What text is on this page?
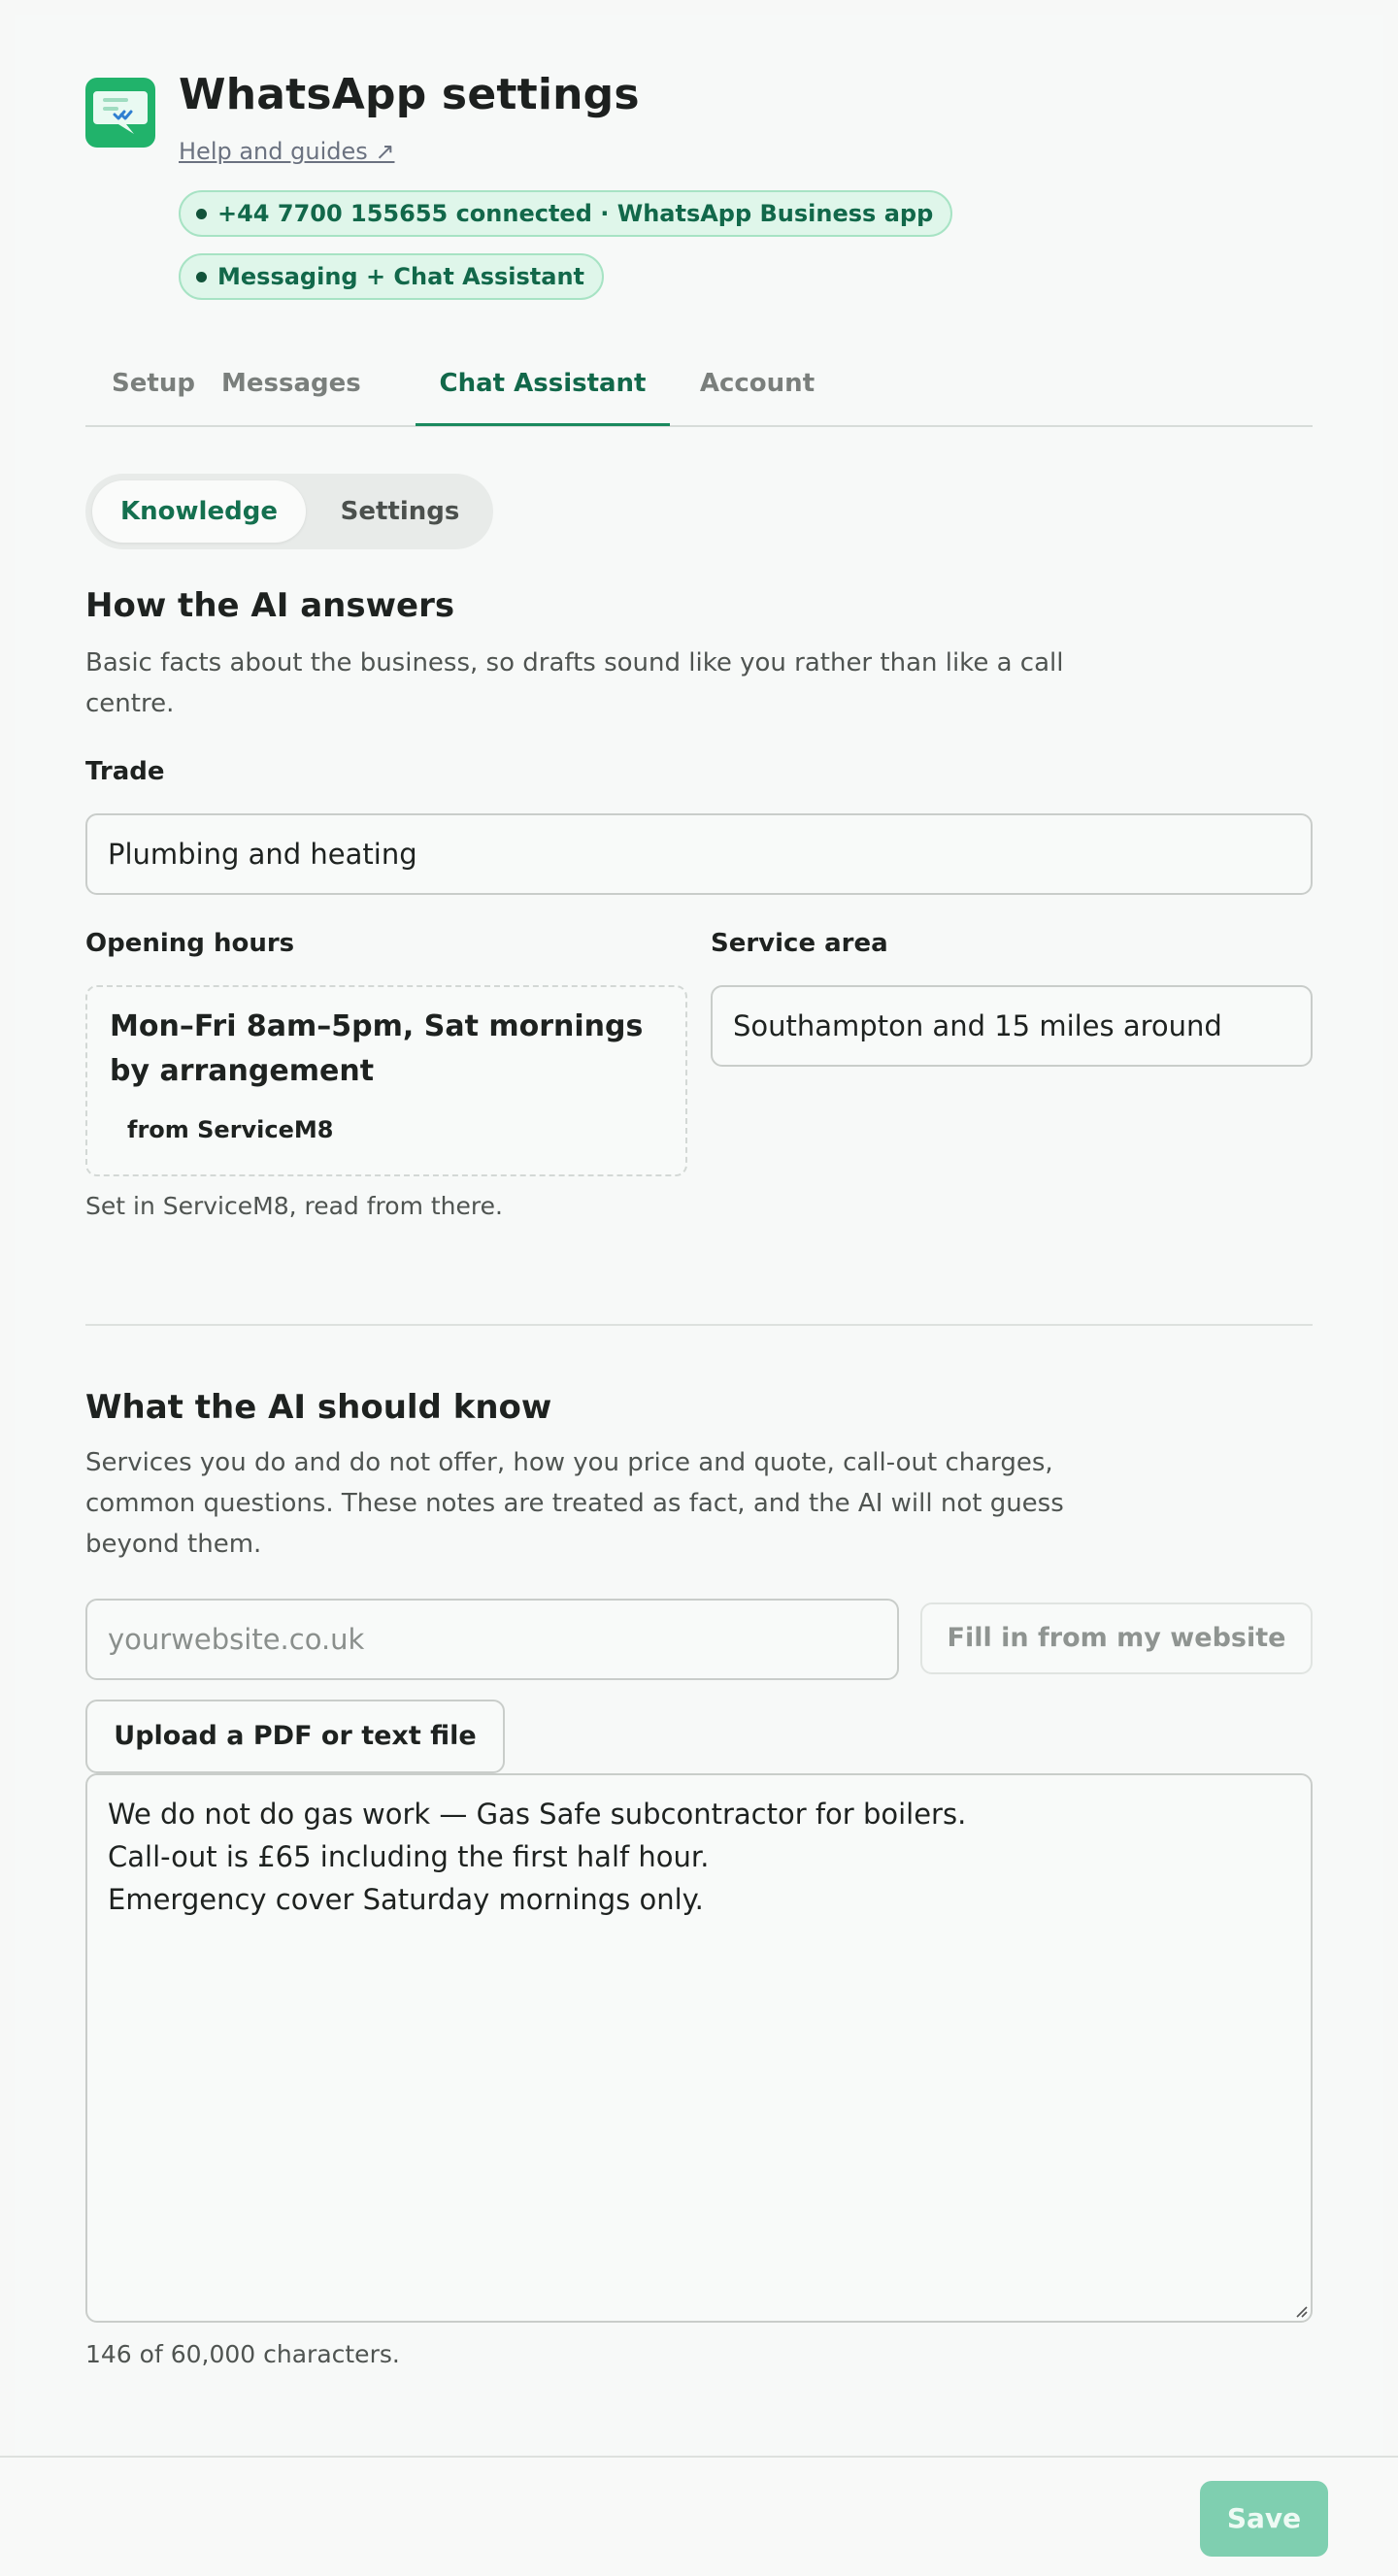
WhatsApp settings
Help and guides ↗
+44 7700 155655 connected · WhatsApp Business app
Messaging + Chat Assistant
Setup	Messages	Chat Assistant	Account
Knowledge	Settings
How the AI answers

Basic facts about the business, so drafts sound like you rather than like a call centre.

Trade
Plumbing and heating
Opening hours
Mon–Fri 8am–5pm, Sat mornings by arrangement
from ServiceM8
Set in ServiceM8, read from there.
Service area
Southampton and 15 miles around
What the AI should know

Services you do and do not offer, how you price and quote, call-out charges, common questions. These notes are treated as fact, and the AI will not guess beyond them.

yourwebsite.co.uk
Fill in from my website
Upload a PDF or text file
We do not do gas work — Gas Safe subcontractor for boilers.
Call-out is £65 including the first half hour.
Emergency cover Saturday mornings only.
146 of 60,000 characters.
Save
